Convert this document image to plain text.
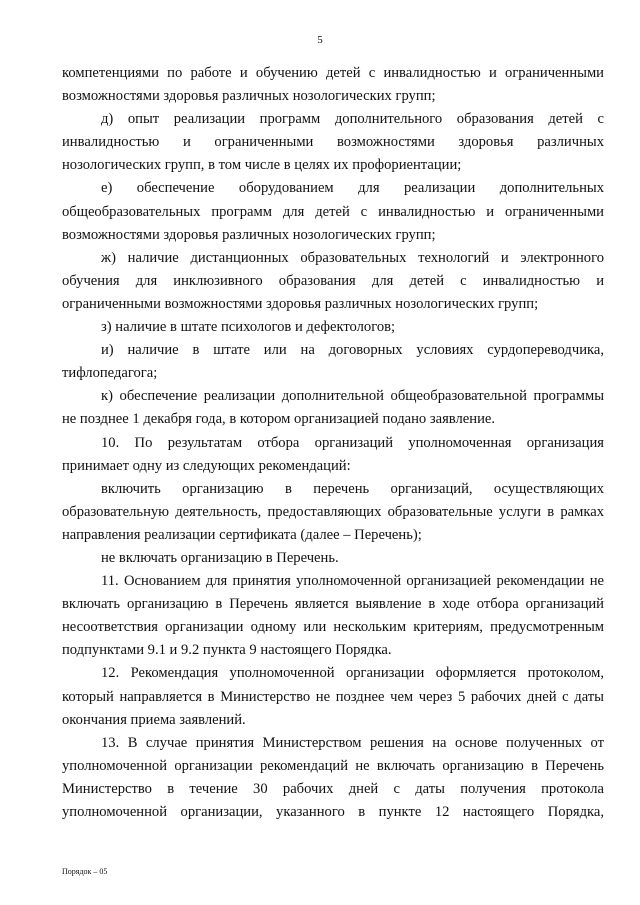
5

компетенциями по работе и обучению детей с инвалидностью и ограниченными возможностями здоровья различных нозологических групп;

д) опыт реализации программ дополнительного образования детей с инвалидностью и ограниченными возможностями здоровья различных нозологических групп, в том числе в целях их профориентации;

е) обеспечение оборудованием для реализации дополнительных общеобразовательных программ для детей с инвалидностью и ограниченными возможностями здоровья различных нозологических групп;

ж) наличие дистанционных образовательных технологий и электронного обучения для инклюзивного образования для детей с инвалидностью и ограниченными возможностями здоровья различных нозологических групп;

з) наличие в штате психологов и дефектологов;

и) наличие в штате или на договорных условиях сурдопереводчика, тифлопедагога;

к) обеспечение реализации дополнительной общеобразовательной программы не позднее 1 декабря года, в котором организацией подано заявление.

10. По результатам отбора организаций уполномоченная организация принимает одну из следующих рекомендаций:

включить организацию в перечень организаций, осуществляющих образовательную деятельность, предоставляющих образовательные услуги в рамках направления реализации сертификата (далее – Перечень);

не включать организацию в Перечень.

11. Основанием для принятия уполномоченной организацией рекомендации не включать организацию в Перечень является выявление в ходе отбора организаций несоответствия организации одному или нескольким критериям, предусмотренным подпунктами 9.1 и 9.2 пункта 9 настоящего Порядка.

12. Рекомендация уполномоченной организации оформляется протоколом, который направляется в Министерство не позднее чем через 5 рабочих дней с даты окончания приема заявлений.

13. В случае принятия Министерством решения на основе полученных от уполномоченной организации рекомендаций не включать организацию в Перечень Министерство в течение 30 рабочих дней с даты получения протокола уполномоченной организации, указанного в пункте 12 настоящего Порядка,

Порядок – 05
